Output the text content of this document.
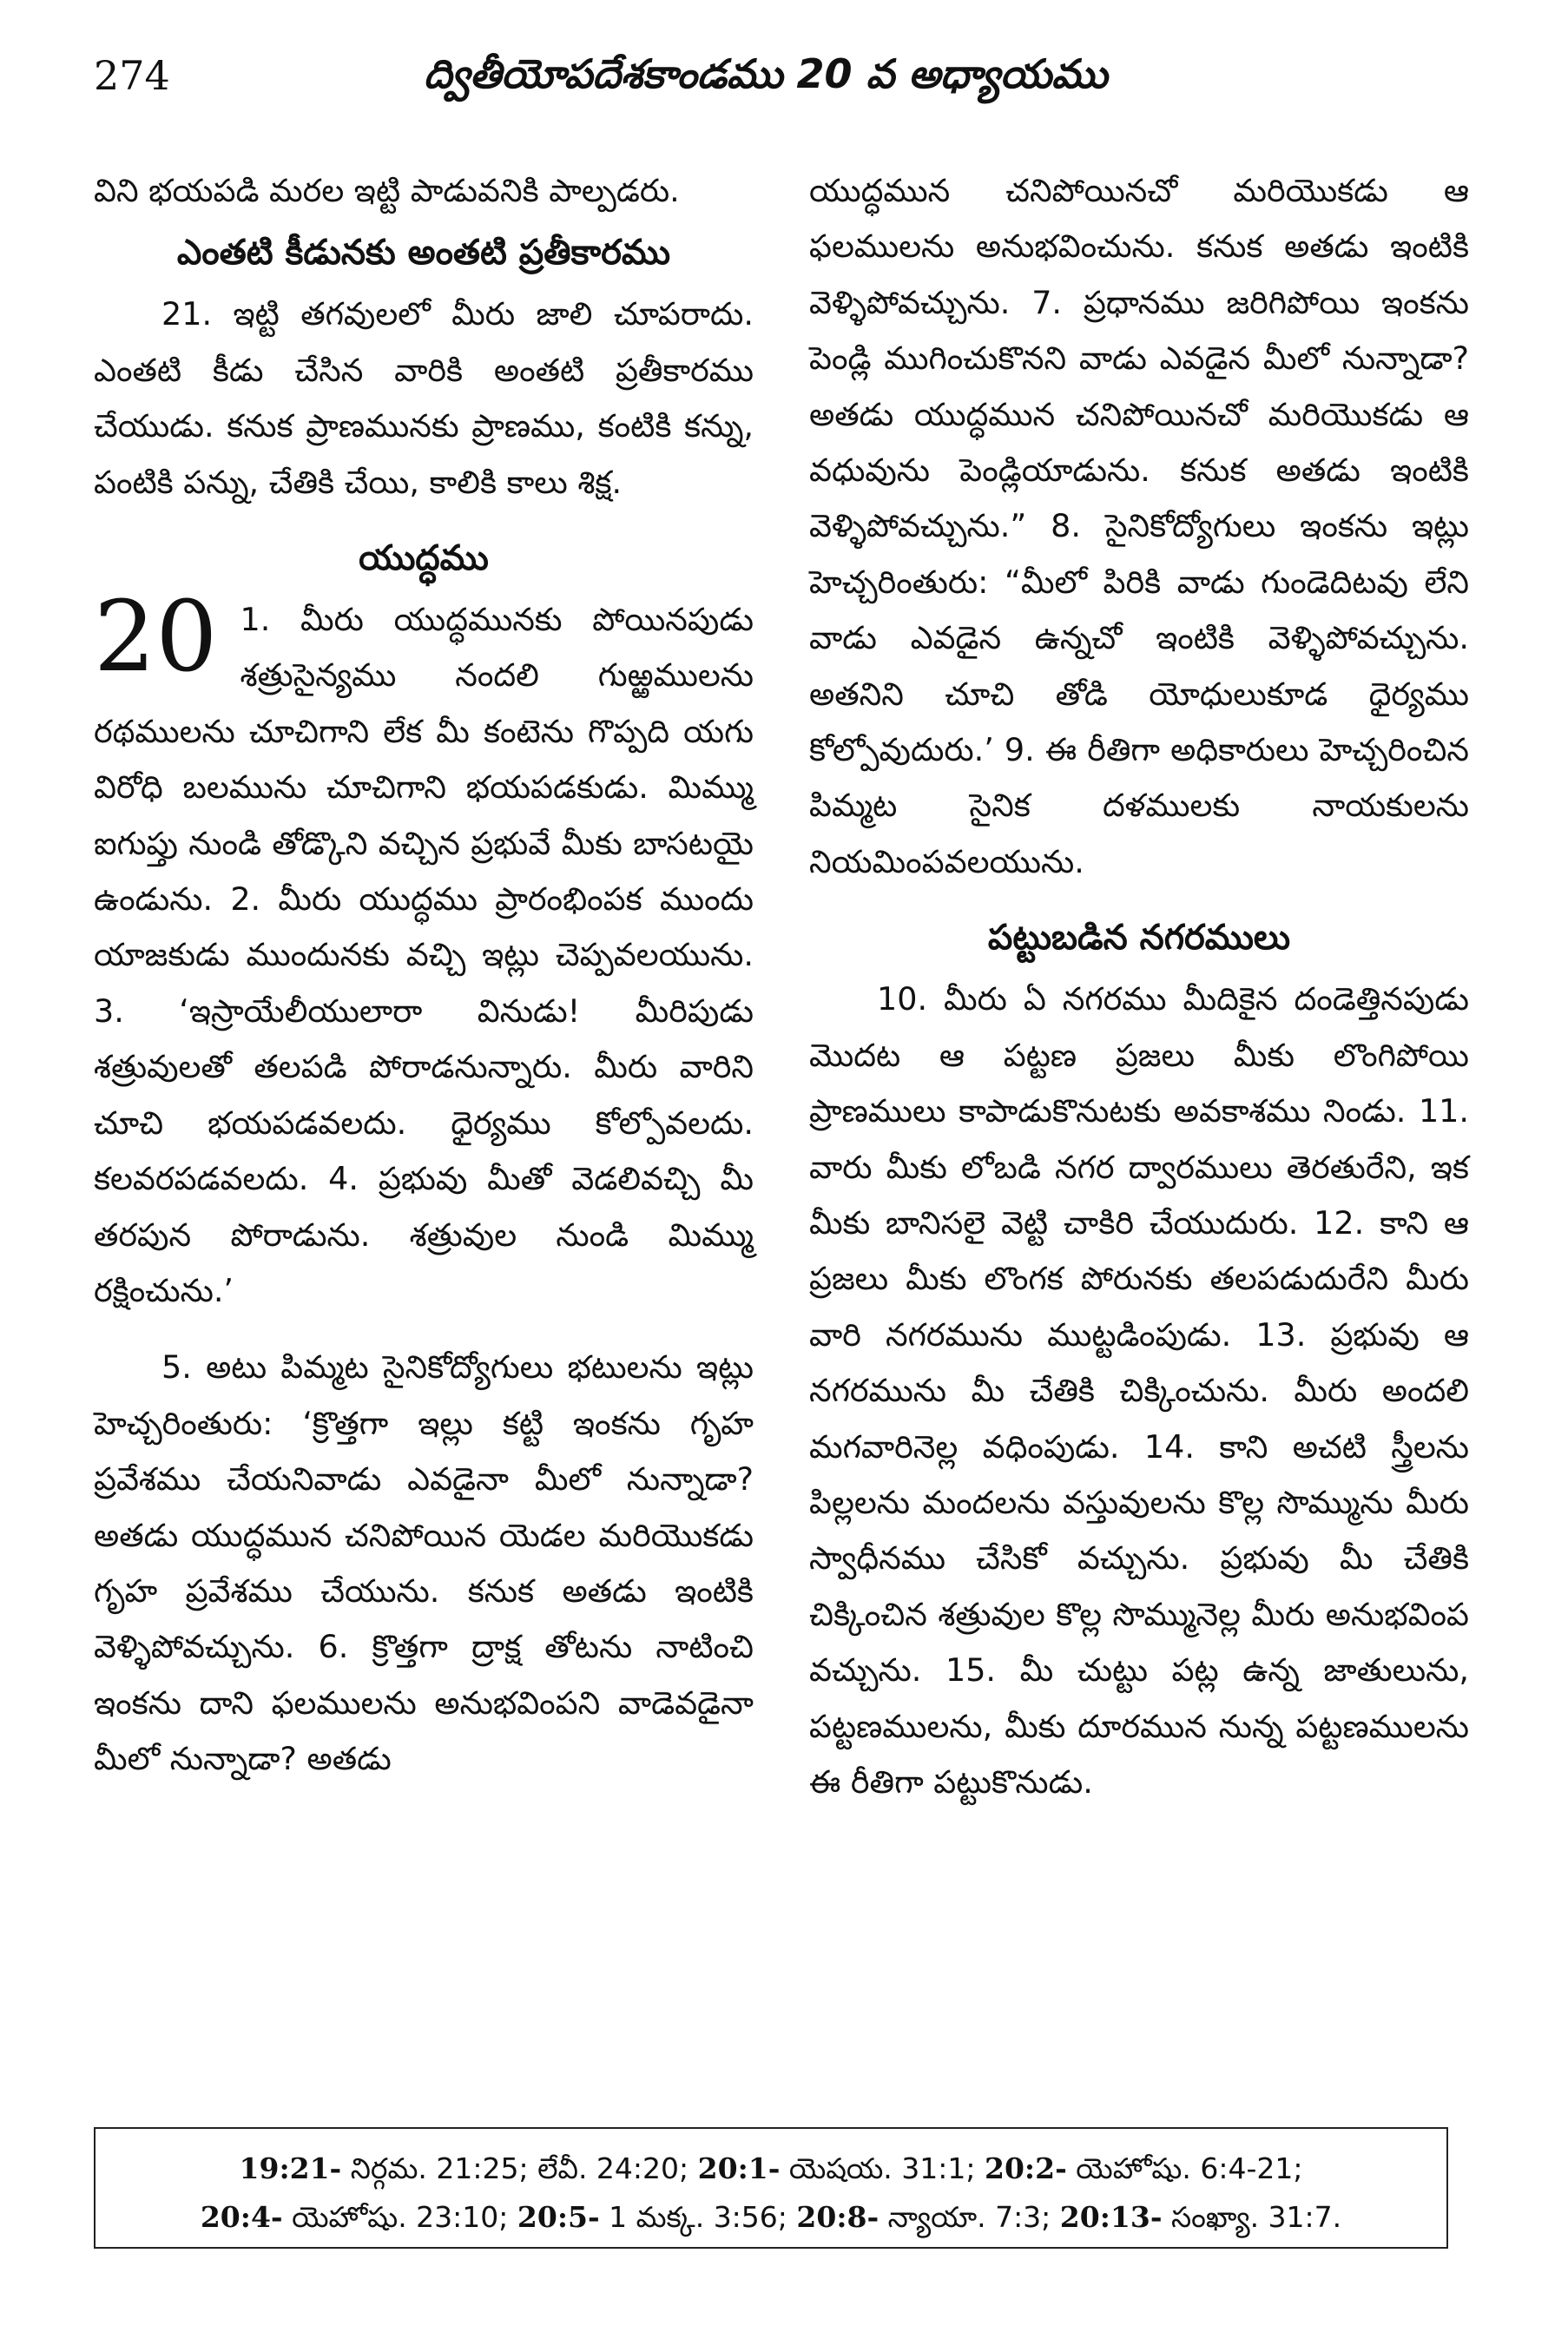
274	ద్వితీయోపదేశకాండము 20 వ అధ్యాయము

విని భయపడి మరల ఇట్టి పాడువనికి పాల్పడరు.

ఎంతటి కీడునకు అంతటి ప్రతీకారము

21. ఇట్టి తగవులలో మీరు జాలి చూపరాదు. ఎంతటి కీడు చేసిన వారికి అంతటి ప్రతీకారము చేయుడు. కనుక ప్రాణమునకు ప్రాణము, కంటికి కన్ను, పంటికి పన్ను, చేతికి చేయి, కాలికి కాలు శిక్ష.

యుద్ధము
20 1. మీరు యుద్ధమునకు పోయినపుడు శత్రుసైన్యము నందలి గుఱ్ఱములను రథములను చూచిగాని లేక మీ కంటెను గొప్పది యగు విరోధి బలమును చూచిగాని భయపడకుడు. మిమ్ము ఐగుప్తు నుండి తోడ్కొని వచ్చిన ప్రభువే మీకు బాసటయై ఉండును. 2. మీరు యుద్ధము ప్రారంభింపక ముందు యాజకుడు ముందునకు వచ్చి ఇట్లు చెప్పవలయును. 3. ‘ఇస్రాయేలీయులారా వినుడు! మీరిపుడు శత్రువులతో తలపడి పోరాడనున్నారు. మీరు వారిని చూచి భయపడవలదు. ధైర్యము కోల్పోవలదు. కలవరపడవలదు. 4. ప్రభువు మీతో వెడలివచ్చి మీ తరపున పోరాడును. శత్రువుల నుండి మిమ్ము రక్షించును.’

5. అటు పిమ్మట సైనికోద్యోగులు భటులను ఇట్లు హెచ్చరింతురు: ‘క్రొత్తగా ఇల్లు కట్టి ఇంకను గృహ ప్రవేశము చేయనివాడు ఎవడైనా మీలో నున్నాడా? అతడు యుద్ధమున చనిపోయిన యెడల మరియొకడు గృహ ప్రవేశము చేయును. కనుక అతడు ఇంటికి వెళ్ళిపోవచ్చును. 6. క్రొత్తగా ద్రాక్ష తోటను నాటించి ఇంకను దాని ఫలములను అనుభవింపని వాడెవడైనా మీలో నున్నాడా? అతడు

యుద్ధమున చనిపోయినచో మరియొకడు ఆ ఫలములను అనుభవించును. కనుక అతడు ఇంటికి వెళ్ళిపోవచ్చును. 7. ప్రధానము జరిగిపోయి ఇంకను పెండ్లి ముగించుకొనని వాడు ఎవడైన మీలో నున్నాడా? అతడు యుద్ధమున చనిపోయినచో మరియొకడు ఆ వధువును పెండ్లియాడును. కనుక అతడు ఇంటికి వెళ్ళిపోవచ్చును.” 8. సైనికోద్యోగులు ఇంకను ఇట్లు హెచ్చరింతురు: “మీలో పిరికి వాడు గుండెదిటవు లేని వాడు ఎవడైన ఉన్నచో ఇంటికి వెళ్ళిపోవచ్చును. అతనిని చూచి తోడి యోధులుకూడ ధైర్యము కోల్పోవుదురు.’ 9. ఈ రీతిగా అధికారులు హెచ్చరించిన పిమ్మట సైనిక దళములకు నాయకులను నియమింపవలయును.

పట్టుబడిన నగరములు

10. మీరు ఏ నగరము మీదికైన దండెత్తినపుడు మొదట ఆ పట్టణ ప్రజలు మీకు లొంగిపోయి ప్రాణములు కాపాడుకొనుటకు అవకాశము నిండు. 11. వారు మీకు లోబడి నగర ద్వారములు తెరతురేని, ఇక మీకు బానిసలై వెట్టి చాకిరి చేయుదురు. 12. కాని ఆ ప్రజలు మీకు లొంగక పోరునకు తలపడుదురేని మీరు వారి నగరమును ముట్టడింపుడు. 13. ప్రభువు ఆ నగరమును మీ చేతికి చిక్కించును. మీరు అందలి మగవారినెల్ల వధింపుడు. 14. కాని అచటి స్త్రీలను పిల్లలను మందలను వస్తువులను కొల్ల సొమ్మును మీరు స్వాధీనము చేసికో వచ్చును. ప్రభువు మీ చేతికి చిక్కించిన శత్రువుల కొల్ల సొమ్మునెల్ల మీరు అనుభవింప వచ్చును. 15. మీ చుట్టు పట్ల ఉన్న జాతులును, పట్టణములను, మీకు దూరమున నున్న పట్టణములను ఈ రీతిగా పట్టుకొనుడు.

19:21- నిర్గమ. 21:25; లేవీ. 24:20; 20:1- యెషయ. 31:1; 20:2- యెహోషు. 6:4-21; 20:4- యెహోషు. 23:10; 20:5- 1 మక్క. 3:56; 20:8- న్యాయా. 7:3; 20:13- సంఖ్యా. 31:7.
